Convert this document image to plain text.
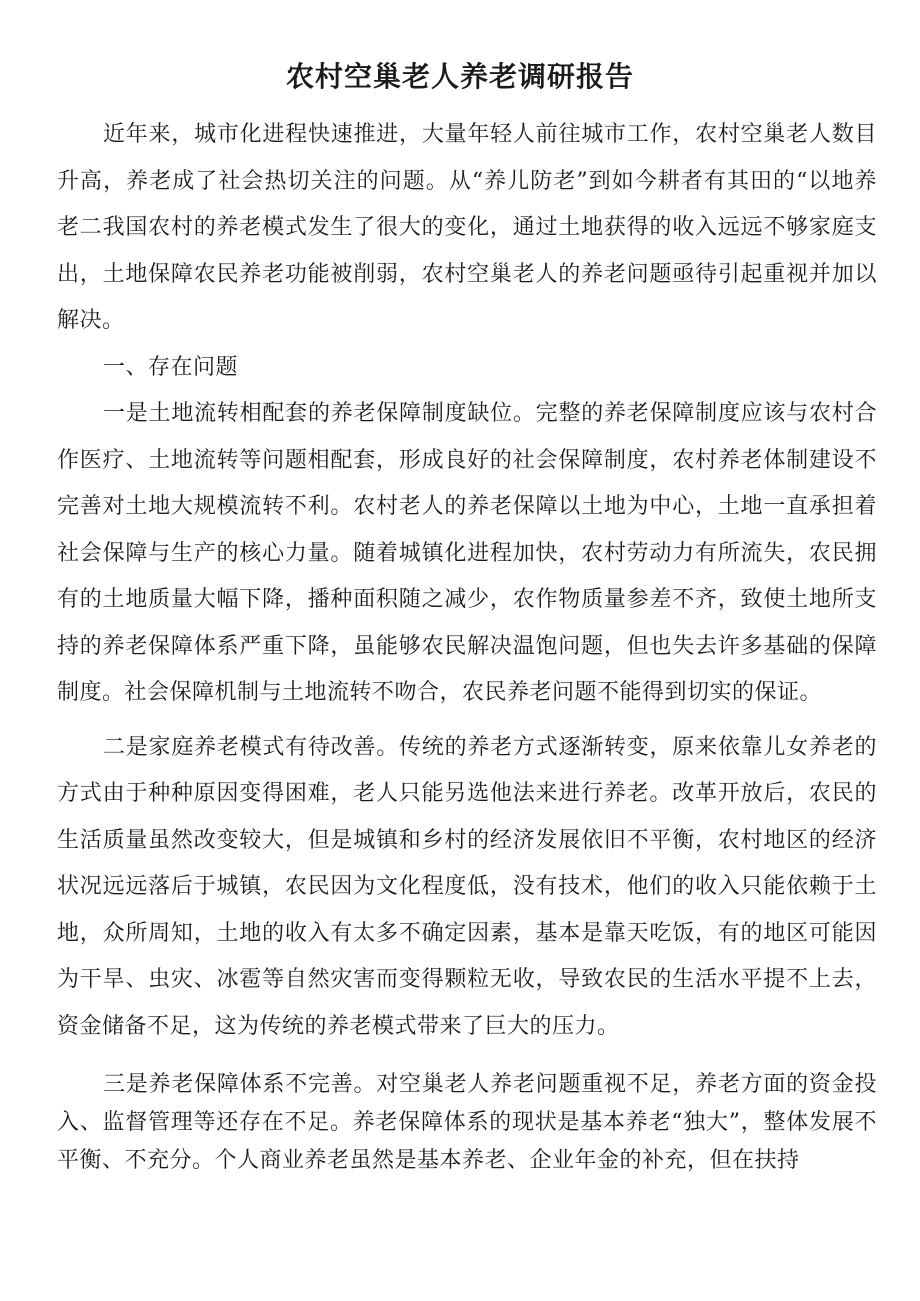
农村空巢老人养老调研报告

近年来，城市化进程快速推进，大量年轻人前往城市工作，农村空巢老人数目升高，养老成了社会热切关注的问题。从“养儿防老”到如今耕者有其田的“以地养老二我国农村的养老模式发生了很大的变化，通过土地获得的收入远远不够家庭支出，土地保障农民养老功能被削弱，农村空巢老人的养老问题亟待引起重视并加以解决。

一、存在问题

一是土地流转相配套的养老保障制度缺位。完整的养老保障制度应该与农村合作医疗、土地流转等问题相配套，形成良好的社会保障制度，农村养老体制建设不完善对土地大规模流转不利。农村老人的养老保障以土地为中心，土地一直承担着社会保障与生产的核心力量。随着城镇化进程加快，农村劳动力有所流失，农民拥有的土地质量大幅下降，播种面积随之减少，农作物质量参差不齐，致使土地所支持的养老保障体系严重下降，虽能够农民解决温饱问题，但也失去许多基础的保障制度。社会保障机制与土地流转不吻合，农民养老问题不能得到切实的保证。

二是家庭养老模式有待改善。传统的养老方式逐渐转变，原来依靠儿女养老的方式由于种种原因变得困难，老人只能另选他法来进行养老。改革开放后，农民的生活质量虽然改变较大，但是城镇和乡村的经济发展依旧不平衡，农村地区的经济状况远远落后于城镇，农民因为文化程度低，没有技术，他们的收入只能依赖于土地，众所周知，土地的收入有太多不确定因素，基本是靠天吃饭，有的地区可能因为干旱、虫灾、冰雹等自然灾害而变得颗粒无收，导致农民的生活水平提不上去，资金储备不足，这为传统的养老模式带来了巨大的压力。

三是养老保障体系不完善。对空巢老人养老问题重视不足，养老方面的资金投入、监督管理等还存在不足。养老保障体系的现状是基本养老“独大”，整体发展不平衡、不充分。个人商业养老虽然是基本养老、企业年金的补充，但在扶持
